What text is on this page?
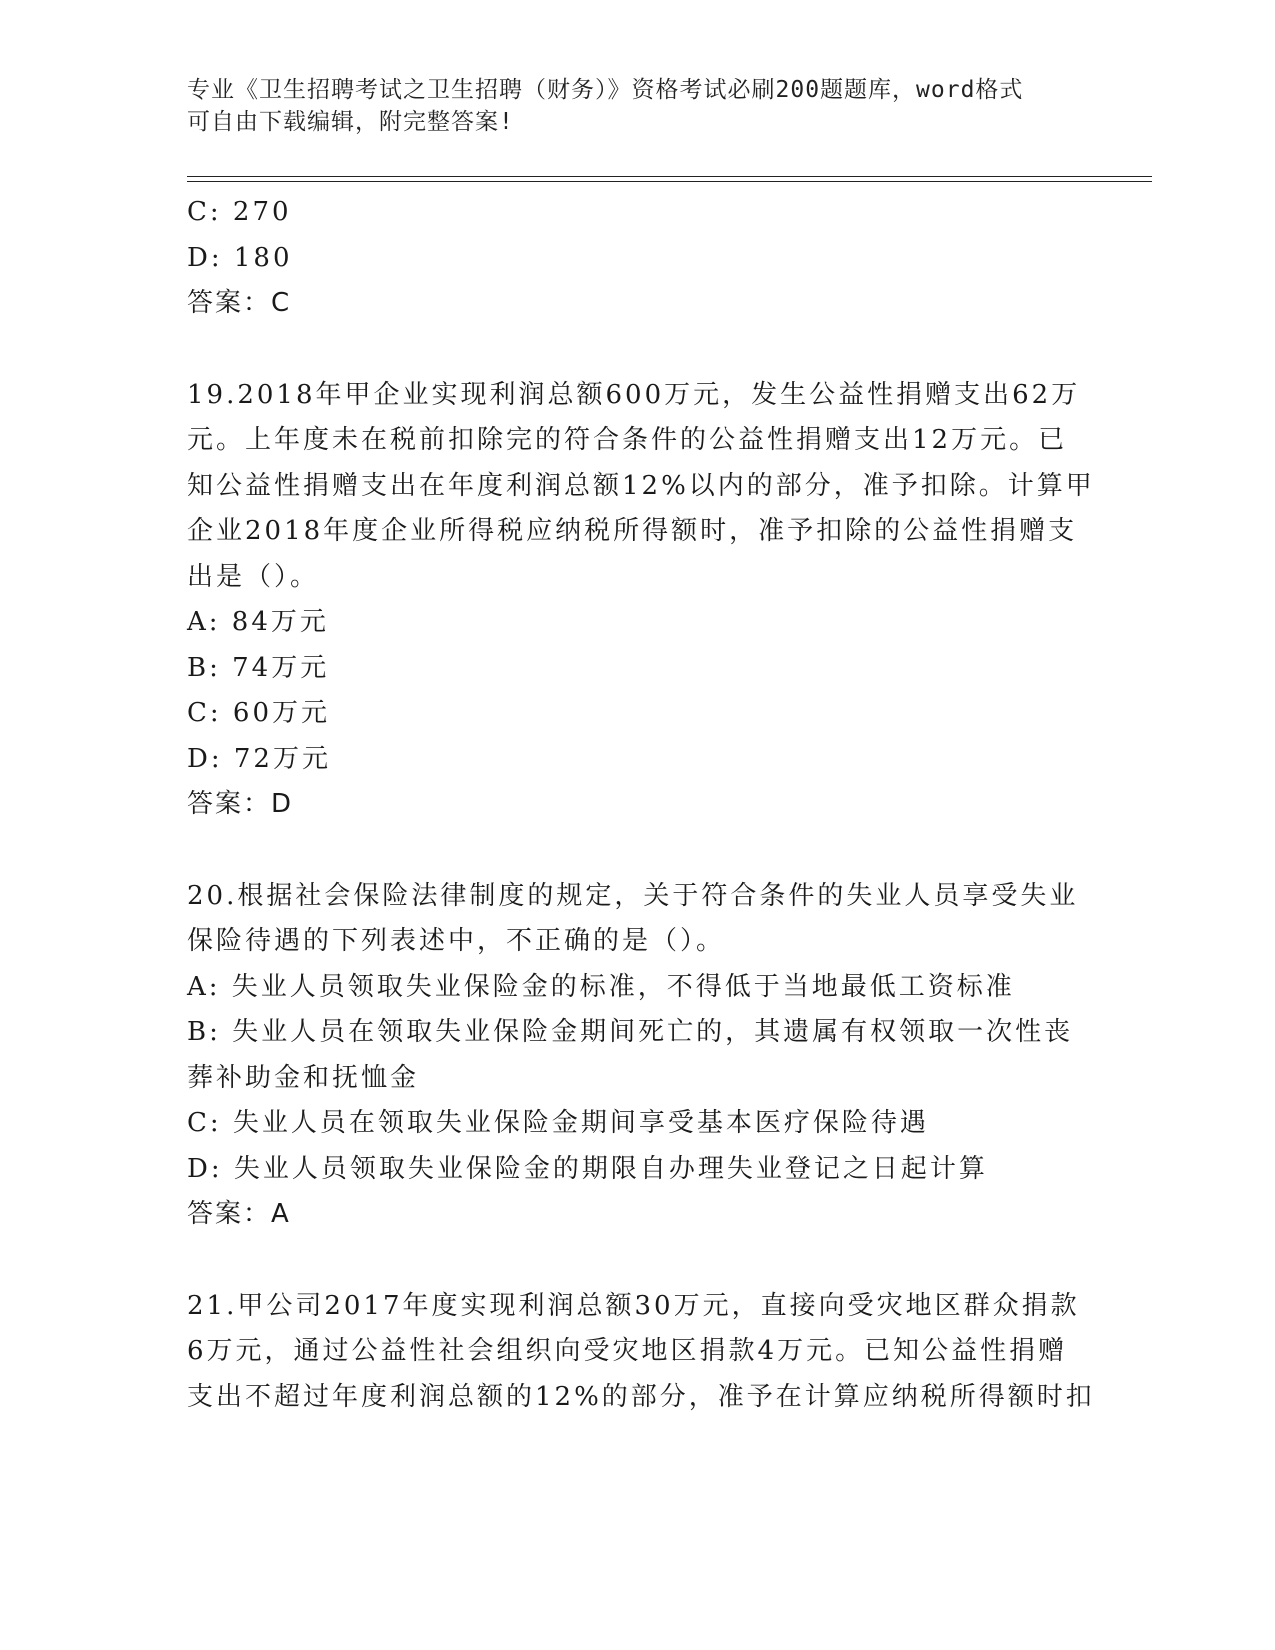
专业《卫生招聘考试之卫生招聘（财务）》资格考试必刷200题题库，word格式
可自由下载编辑，附完整答案!
C: 270
D: 180
答案：C
19.2018年甲企业实现利润总额600万元，发生公益性捐赠支出62万
元。上年度未在税前扣除完的符合条件的公益性捐赠支出12万元。已
知公益性捐赠支出在年度利润总额12%以内的部分，准予扣除。计算甲
企业2018年度企业所得税应纳税所得额时，准予扣除的公益性捐赠支
出是（）。
A: 84万元
B: 74万元
C: 60万元
D: 72万元
答案：D
20.根据社会保险法律制度的规定，关于符合条件的失业人员享受失业
保险待遇的下列表述中，不正确的是（）。
A: 失业人员领取失业保险金的标准，不得低于当地最低工资标准
B: 失业人员在领取失业保险金期间死亡的，其遗属有权领取一次性丧
葬补助金和抚恤金
C: 失业人员在领取失业保险金期间享受基本医疗保险待遇
D: 失业人员领取失业保险金的期限自办理失业登记之日起计算
答案：A
21.甲公司2017年度实现利润总额30万元，直接向受灾地区群众捐款
6万元，通过公益性社会组织向受灾地区捐款4万元。已知公益性捐赠
支出不超过年度利润总额的12%的部分，准予在计算应纳税所得额时扣
